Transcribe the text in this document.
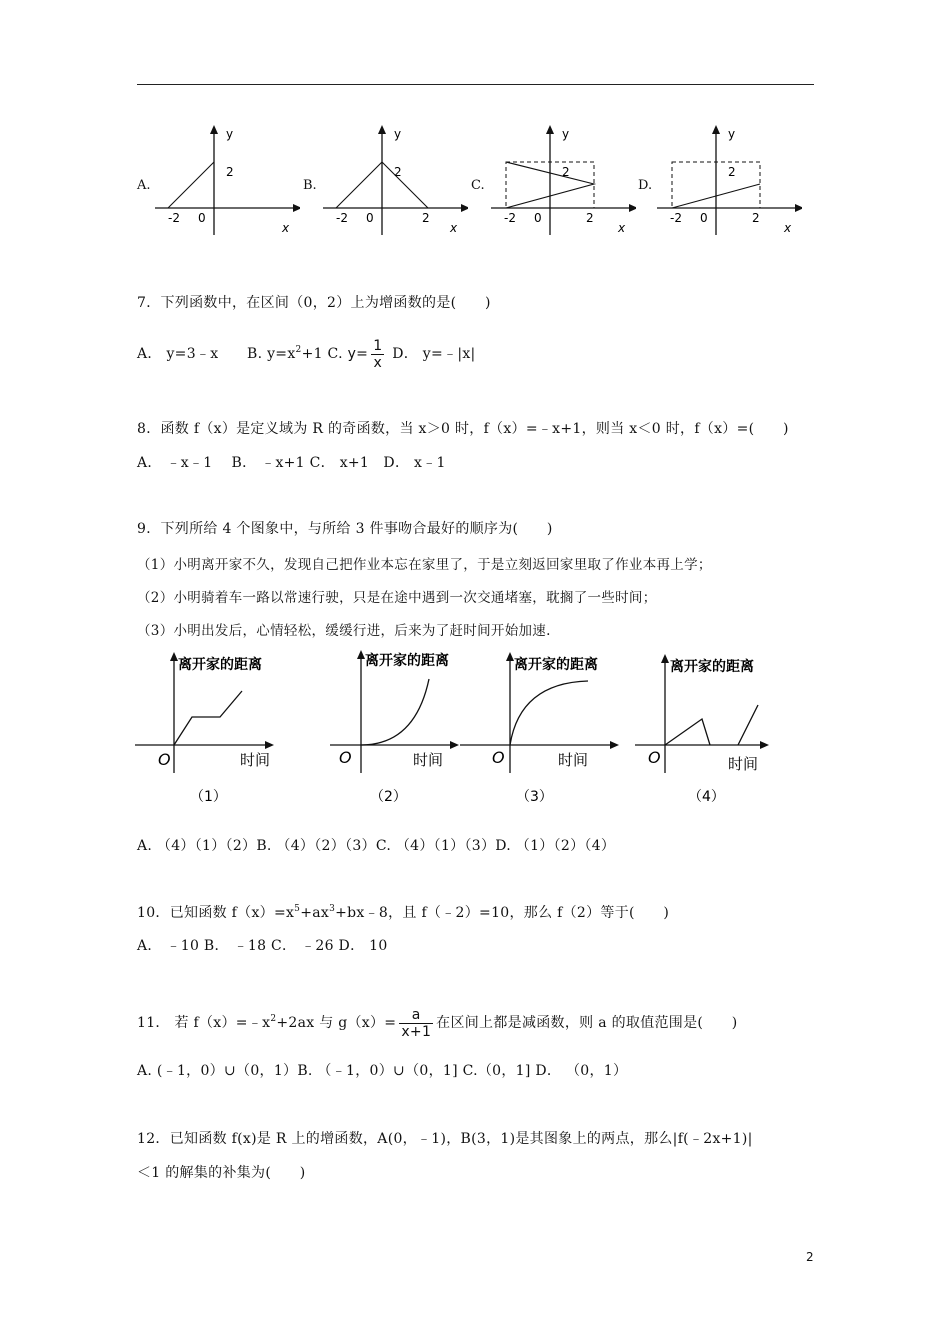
A.
y
2
-2 0
x
B.
y
2
-2 0	2
x
C.
y
2
-2 0	2
x
D.
y
2
-2 0	2
x
7．下列函数中，在区间（0，2）上为增函数的是(　　)
A． y=3﹣x　　B. $y=x^2+1$ C. $y= \frac{1}{x}$ D． y=﹣|x|
8．函数 f（x）是定义域为 R 的奇函数，当 x＞0 时，f（x）=﹣x+1，则当 x＜0 时，f（x）=(　　)
A． ﹣x﹣1　 B． ﹣x+1 C． x+1　D． x﹣1
9．下列所给 4 个图象中，与所给 3 件事吻合最好的顺序为(　　)
（1）小明离开家不久，发现自己把作业本忘在家里了，于是立刻返回家里取了作业本再上学；
（2）小明骑着车一路以常速行驶，只是在途中遇到一次交通堵塞，耽搁了一些时间；
（3）小明出发后，心情轻松，缓缓行进，后来为了赶时间开始加速.
离开家的距离
O	时间
（1）
离开家的距离
O	时间
（2）
离开家的距离
O	时间
（3）
离开家的距离
O	时间
（4）
A. （4）（1）（2）B. （4）（2）（3）C. （4）（1）（3）D. （1）（2）（4）
10．已知函数 $f(x)=x^5+ax^3+bx﹣8$，且 f（﹣2）=10，那么 f（2）等于(　　)
A． ﹣10 B． ﹣18 C． ﹣26 D． 10
11． 若 $f(x)=﹣x^2+2ax$ 与 $g(x)= \frac{a}{x+1}$ 在区间上都是减函数，则 a 的取值范围是(　　)
A. (﹣1，0）∪（0，1）B. （﹣1，0）∪（0，1] C.（0，1] D． （0，1）
12．已知函数 f(x)是 R 上的增函数，A(0，﹣1)，B(3，1)是其图象上的两点，那么|f(﹣2x+1)|
＜1 的解集的补集为(　　)
2
